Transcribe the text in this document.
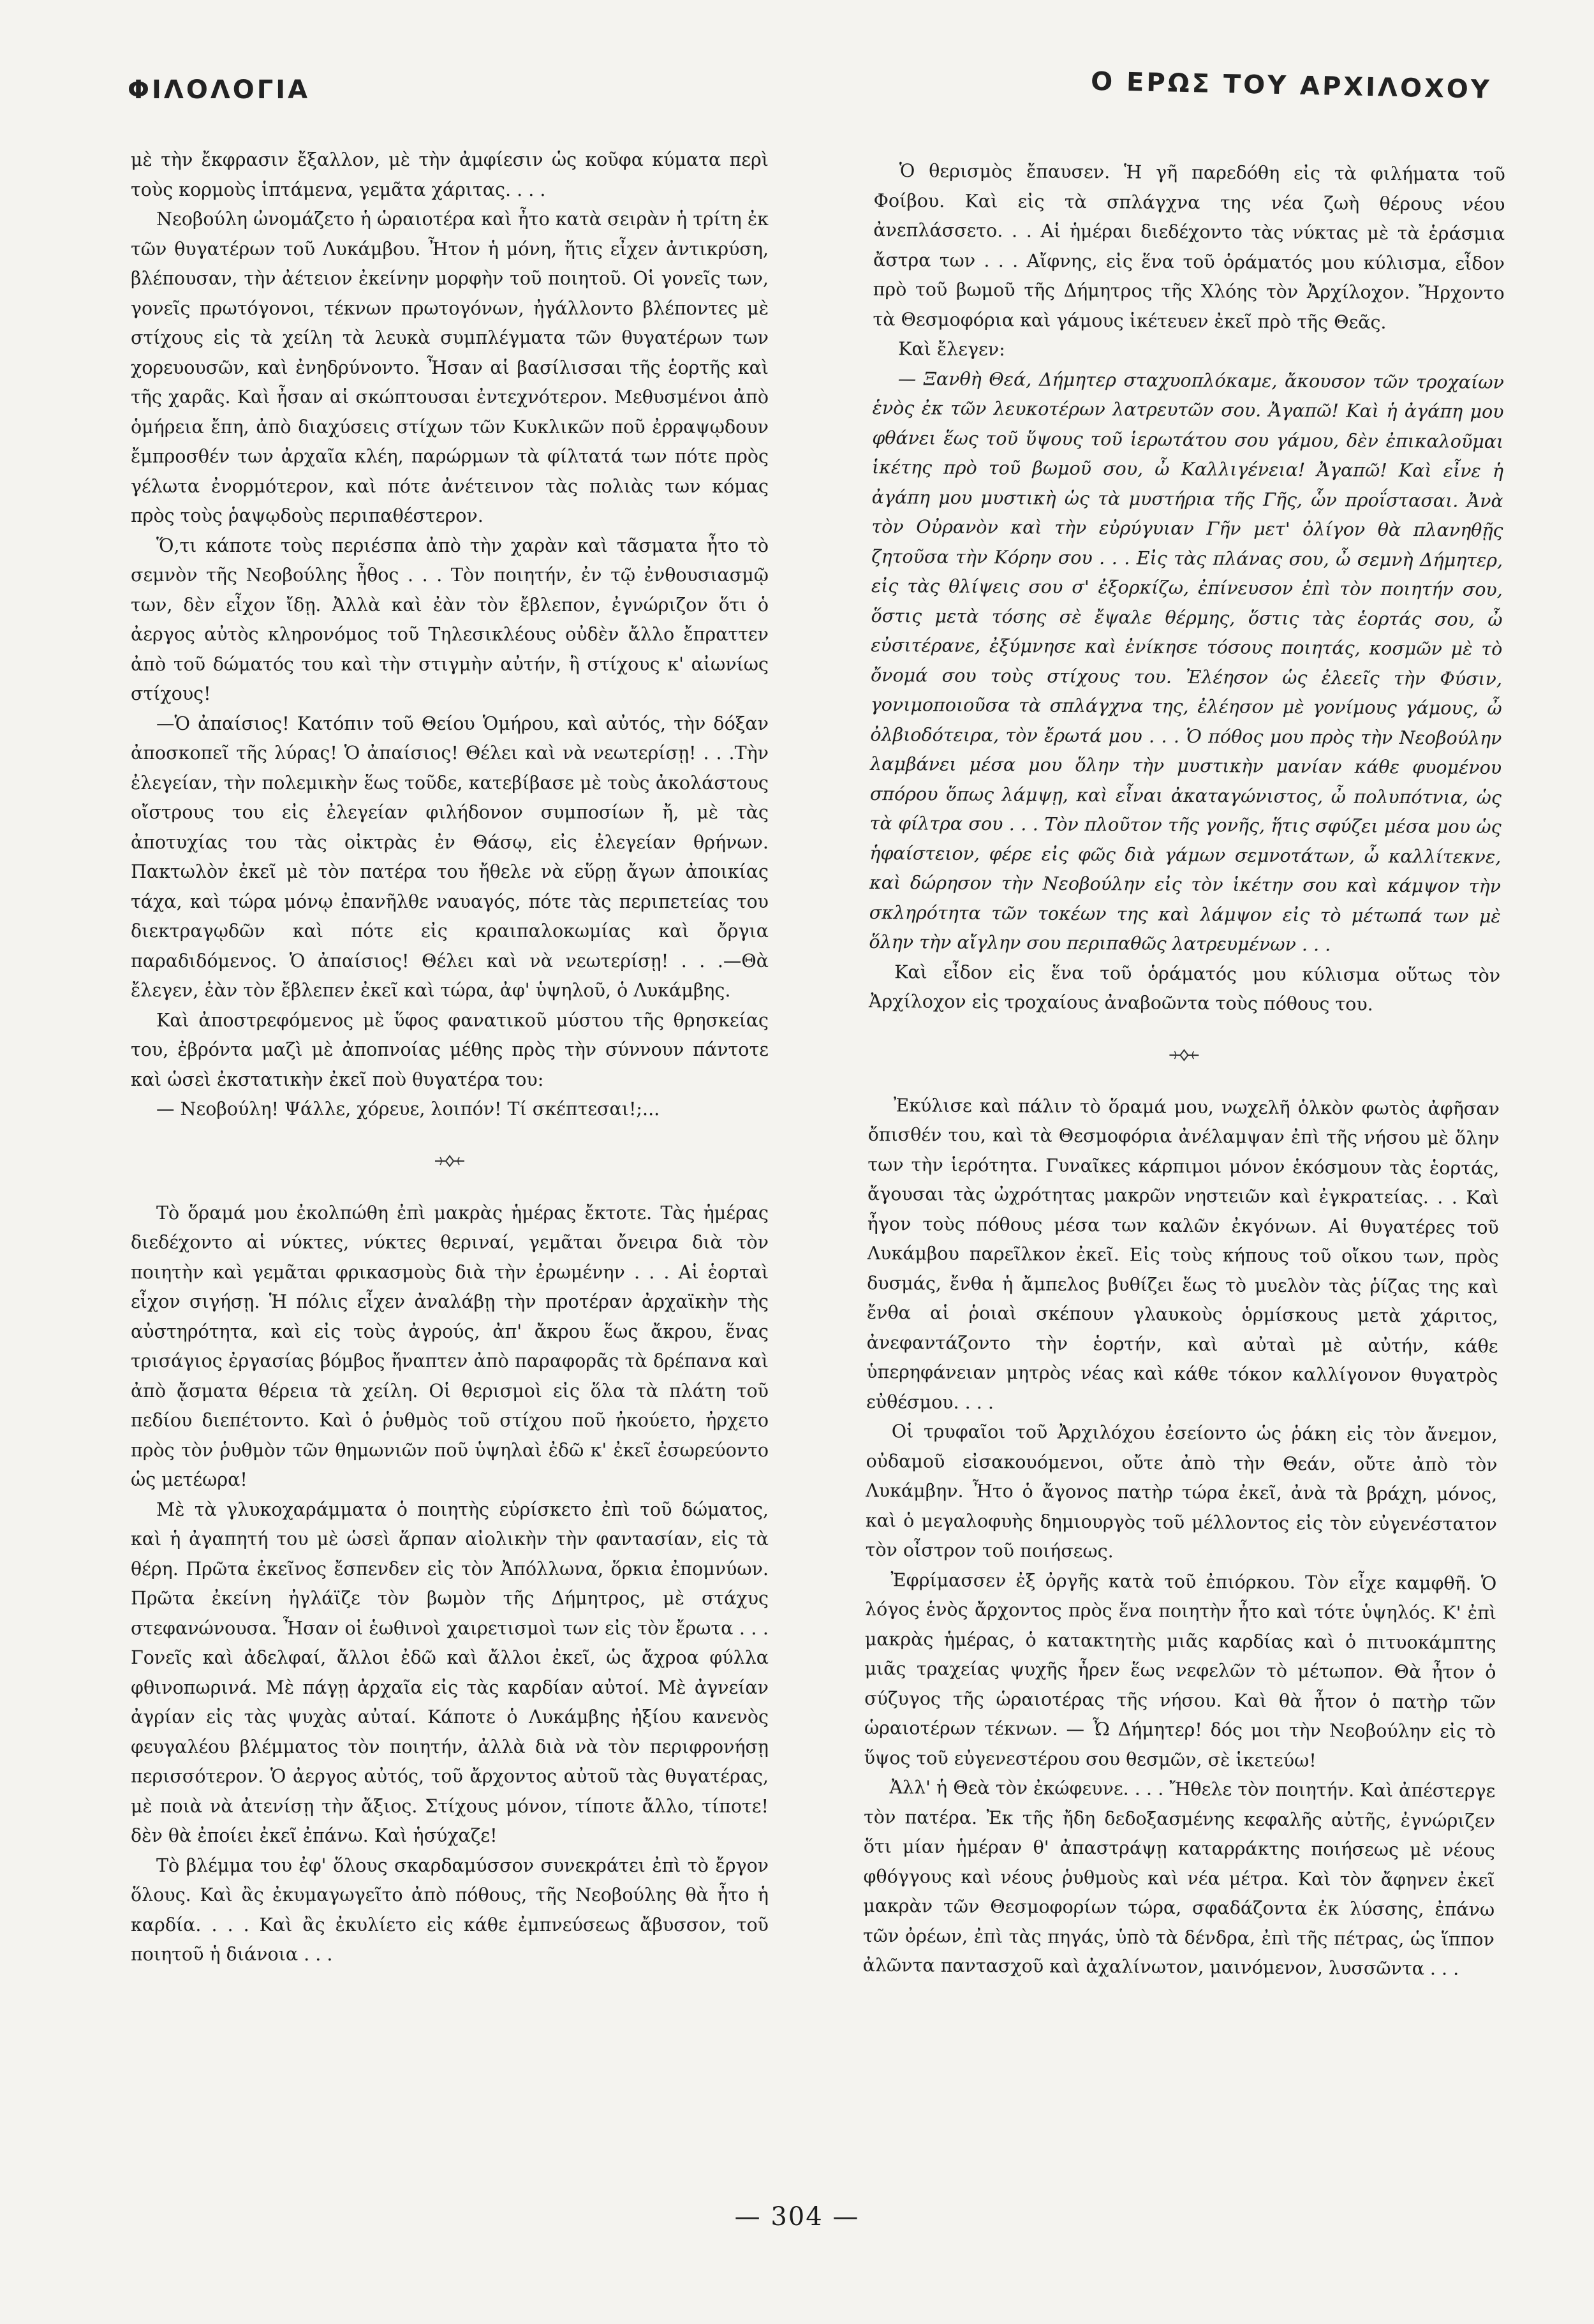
ΦΙΛΟΛΟΓΙΑ	Ο ΕΡΩΣ ΤΟΥ ΑΡΧΙΛΟΧΟΥ

μὲ τὴν ἔκφρασιν ἔξαλλον, μὲ τὴν ἀμφίεσιν ὡς κοῦφα κύματα περὶ τοὺς κορμοὺς ἱπτάμενα, γεμᾶτα χάριτας. . . .

Νεοβούλη ὠνομάζετο ἡ ὡραιοτέρα καὶ ἦτο κατὰ σειρὰν ἡ τρίτη ἐκ τῶν θυγατέρων τοῦ Λυκάμβου. Ἦτον ἡ μόνη, ἥτις εἶχεν ἀντικρύση, βλέπουσαν, τὴν ἀέτειον ἐκείνην μορφὴν τοῦ ποιητοῦ. Οἱ γονεῖς των, γονεῖς πρωτόγονοι, τέκνων πρωτογόνων, ἠγάλλοντο βλέποντες μὲ στίχους εἰς τὰ χείλη τὰ λευκὰ συμπλέγματα τῶν θυγατέρων των χορευουσῶν, καὶ ἐνηδρύνοντο. Ἦσαν αἱ βασίλισσαι τῆς ἑορτῆς καὶ τῆς χαρᾶς. Καὶ ἦσαν αἱ σκώπτουσαι ἐντεχνότερον. Μεθυσμένοι ἀπὸ ὁμήρεια ἔπη, ἀπὸ διαχύσεις στίχων τῶν Κυκλικῶν ποῦ ἐρραψῳδουν ἔμπροσθέν των ἀρχαῖα κλέη, παρώρμων τὰ φίλτατά των πότε πρὸς γέλωτα ἐνορμότερον, καὶ πότε ἀνέτεινον τὰς πολιὰς των κόμας πρὸς τοὺς ῥαψῳδοὺς περιπαθέστερον.

Ὅ,τι κάποτε τοὺς περιέσπα ἀπὸ τὴν χαρὰν καὶ τᾶσματα ἦτο τὸ σεμνὸν τῆς Νεοβούλης ἦθος . . . Τὸν ποιητήν, ἐν τῷ ἐνθουσιασμῷ των, δὲν εἶχον ἴδῃ. Ἀλλὰ καὶ ἐὰν τὸν ἔβλεπον, ἐγνώριζον ὅτι ὁ ἀεργος αὐτὸς κληρονόμος τοῦ Τηλεσικλέους οὐδὲν ἄλλο ἔπραττεν ἀπὸ τοῦ δώματός του καὶ τὴν στιγμὴν αὐτήν, ἢ στίχους κ' αἰωνίως στίχους!

—Ὁ ἀπαίσιος! Κατόπιν τοῦ Θείου Ὁμήρου, καὶ αὐτός, τὴν δόξαν ἀποσκοπεῖ τῆς λύρας! Ὁ ἀπαίσιος! Θέλει καὶ νὰ νεωτερίσῃ! . . .Τὴν ἐλεγείαν, τὴν πολεμικὴν ἕως τοῦδε, κατεβίβασε μὲ τοὺς ἀκολάστους οἴστρους του εἰς ἐλεγείαν φιλήδονον συμποσίων ἤ, μὲ τὰς ἀποτυχίας του τὰς οἰκτρὰς ἐν Θάσῳ, εἰς ἐλεγείαν θρήνων. Πακτωλὸν ἐκεῖ μὲ τὸν πατέρα του ἤθελε νὰ εὕρῃ ἄγων ἀποικίας τάχα, καὶ τώρα μόνῳ ἐπανῆλθε ναυαγός, πότε τὰς περιπετείας του διεκτραγῳδῶν καὶ πότε εἰς κραιπαλοκωμίας καὶ ὄργια παραδιδόμενος. Ὁ ἀπαίσιος! Θέλει καὶ νὰ νεωτερίσῃ! . . .—Θὰ ἔλεγεν, ἐὰν τὸν ἔβλεπεν ἐκεῖ καὶ τώρα, ἀφ' ὑψηλοῦ, ὁ Λυκάμβης.

Καὶ ἀποστρεφόμενος μὲ ὕφος φανατικοῦ μύστου τῆς θρησκείας του, ἐβρόντα μαζὶ μὲ ἀποπνοίας μέθης πρὸς τὴν σύννουν πάντοτε καὶ ὡσεὶ ἐκστατικὴν ἐκεῖ ποὺ θυγατέρα του:

— Νεοβούλη! Ψάλλε, χόρευε, λοιπόν! Τί σκέπτεσαι!;...

Τὸ ὅραμά μου ἐκολπώθη ἐπὶ μακρὰς ἡμέρας ἔκτοτε. Τὰς ἡμέρας διεδέχοντο αἱ νύκτες, νύκτες θεριναί, γεμᾶται ὄνειρα διὰ τὸν ποιητὴν καὶ γεμᾶται φρικασμοὺς διὰ τὴν ἐρωμένην . . . Αἱ ἑορταὶ εἶχον σιγήσῃ. Ἡ πόλις εἶχεν ἀναλάβῃ τὴν προτέραν ἀρχαϊκὴν τὴς αὐστηρότητα, καὶ εἰς τοὺς ἀγρούς, ἀπ' ἄκρου ἕως ἄκρου, ἕνας τρισάγιος ἐργασίας βόμβος ἤναπτεν ἀπὸ παραφορᾶς τὰ δρέπανα καὶ ἀπὸ ᾄσματα θέρεια τὰ χείλη. Οἱ θερισμοὶ εἰς ὅλα τὰ πλάτη τοῦ πεδίου διεπέτοντο. Καὶ ὁ ῥυθμὸς τοῦ στίχου ποῦ ἠκούετο, ἠρχετο πρὸς τὸν ῥυθμὸν τῶν θημωνιῶν ποῦ ὑψηλαὶ ἐδῶ κ' ἐκεῖ ἐσωρεύοντο ὡς μετέωρα!

Μὲ τὰ γλυκοχαράμματα ὁ ποιητὴς εὑρίσκετο ἐπὶ τοῦ δώματος, καὶ ἡ ἀγαπητή του μὲ ὡσεὶ ἅρπαν αἰολικὴν τὴν φαντασίαν, εἰς τὰ θέρη. Πρῶτα ἐκεῖνος ἔσπενδεν εἰς τὸν Ἀπόλλωνα, ὅρκια ἐπομνύων. Πρῶτα ἐκείνη ἠγλάϊζε τὸν βωμὸν τῆς Δήμητρος, μὲ στάχυς στεφανώνουσα. Ἦσαν οἱ ἑωθινοὶ χαιρετισμοὶ των εἰς τὸν ἔρωτα . . . Γονεῖς καὶ ἀδελφαί, ἄλλοι ἐδῶ καὶ ἄλλοι ἐκεῖ, ὡς ἄχροα φύλλα φθινοπωρινά. Μὲ πάγῃ ἀρχαῖα εἰς τὰς καρδίαν αὐτοί. Μὲ ἀγνείαν ἀγρίαν εἰς τὰς ψυχὰς αὐταί. Κάποτε ὁ Λυκάμβης ἠξίου κανενὸς φευγαλέου βλέμματος τὸν ποιητήν, ἀλλὰ διὰ νὰ τὸν περιφρονήσῃ περισσότερον. Ὁ ἀεργος αὐτός, τοῦ ἄρχοντος αὐτοῦ τὰς θυγατέρας, μὲ ποιὰ νὰ ἀτενίσῃ τὴν ἄξιος. Στίχους μόνον, τίποτε ἄλλο, τίποτε! δὲν θὰ ἐποίει ἐκεῖ ἐπάνω. Καὶ ἡσύχαζε!

Τὸ βλέμμα του ἐφ' ὅλους σκαρδαμύσσον συνεκράτει ἐπὶ τὸ ἔργον ὅλους. Καὶ ἂς ἐκυμαγωγεῖτο ἀπὸ πόθους, τῆς Νεοβούλης θὰ ἦτο ἡ καρδία. . . . Καὶ ἂς ἐκυλίετο εἰς κάθε ἐμπνεύσεως ἄβυσσον, τοῦ ποιητοῦ ἡ διάνοια . . .

Ὁ θερισμὸς ἔπαυσεν. Ἡ γῆ παρεδόθη εἰς τὰ φιλήματα τοῦ Φοίβου. Καὶ εἰς τὰ σπλάγχνα της νέα ζωὴ θέρους νέου ἀνεπλάσσετο. . . Αἱ ἡμέραι διεδέχοντο τὰς νύκτας μὲ τὰ ἑράσμια ἄστρα των . . . Αἴφνης, εἰς ἕνα τοῦ ὁράματός μου κύλισμα, εἶδον πρὸ τοῦ βωμοῦ τῆς Δήμητρος τῆς Χλόης τὸν Ἀρχίλοχον. Ἤρχοντο τὰ Θεσμοφόρια καὶ γάμους ἱκέτευεν ἐκεῖ πρὸ τῆς Θεᾶς.

Καὶ ἔλεγεν:

— Ξανθὴ Θεά, Δήμητερ σταχυοπλόκαμε, ἄκουσον τῶν τροχαίων ἑνὸς ἐκ τῶν λευκοτέρων λατρευτῶν σου. Ἀγαπῶ! Καὶ ἡ ἀγάπη μου φθάνει ἕως τοῦ ὕψους τοῦ ἱερωτάτου σου γάμου, δὲν ἐπικαλοῦμαι ἱκέτης πρὸ τοῦ βωμοῦ σου, ὦ Καλλιγένεια! Ἀγαπῶ! Καὶ εἶνε ἡ ἀγάπη μου μυστικὴ ὡς τὰ μυστήρια τῆς Γῆς, ὧν προΐστασαι. Ἀνὰ τὸν Οὐρανὸν καὶ τὴν εὐρύγυιαν Γῆν μετ' ὀλίγον θὰ πλανηθῇς ζητοῦσα τὴν Κόρην σου . . . Εἰς τὰς πλάνας σου, ὦ σεμνὴ Δήμητερ, εἰς τὰς θλίψεις σου σ' ἐξορκίζω, ἐπίνευσον ἐπὶ τὸν ποιητήν σου, ὅστις μετὰ τόσης σὲ ἔψαλε θέρμης, ὅστις τὰς ἑορτάς σου, ὦ εὐσιτέρανε, ἐξύμνησε καὶ ἐνίκησε τόσους ποιητάς, κοσμῶν μὲ τὸ ὄνομά σου τοὺς στίχους του. Ἐλέησον ὡς ἐλεεῖς τὴν Φύσιν, γονιμοποιοῦσα τὰ σπλάγχνα της, ἐλέησον μὲ γονίμους γάμους, ὦ ὀλβιοδότειρα, τὸν ἔρωτά μου . . . Ὁ πόθος μου πρὸς τὴν Νεοβούλην λαμβάνει μέσα μου ὅλην τὴν μυστικὴν μανίαν κάθε φυομένου σπόρου ὅπως λάμψῃ, καὶ εἶναι ἀκαταγώνιστος, ὦ πολυπότνια, ὡς τὰ φίλτρα σου . . . Τὸν πλοῦτον τῆς γονῆς, ἥτις σφύζει μέσα μου ὡς ἡφαίστειον, φέρε εἰς φῶς διὰ γάμων σεμνοτάτων, ὦ καλλίτεκνε, καὶ δώρησον τὴν Νεοβούλην εἰς τὸν ἱκέτην σου καὶ κάμψον τὴν σκληρότητα τῶν τοκέων της καὶ λάμψον εἰς τὸ μέτωπά των μὲ ὅλην τὴν αἴγλην σου περιπαθῶς λατρευμένων . . .

Καὶ εἶδον εἰς ἕνα τοῦ ὁράματός μου κύλισμα οὕτως τὸν Ἀρχίλοχον εἰς τροχαίους ἀναβοῶντα τοὺς πόθους του.

Ἐκύλισε καὶ πάλιν τὸ ὅραμά μου, νωχελῆ ὁλκὸν φωτὸς ἀφῆσαν ὄπισθέν του, καὶ τὰ Θεσμοφόρια ἀνέλαμψαν ἐπὶ τῆς νήσου μὲ ὅλην των τὴν ἱερότητα. Γυναῖκες κάρπιμοι μόνον ἑκόσμουν τὰς ἑορτάς, ἄγουσαι τὰς ὠχρότητας μακρῶν νηστειῶν καὶ ἐγκρατείας. . . Καὶ ἦγον τοὺς πόθους μέσα των καλῶν ἐκγόνων. Αἱ θυγατέρες τοῦ Λυκάμβου παρεῖλκον ἐκεῖ. Εἰς τοὺς κήπους τοῦ οἴκου των, πρὸς δυσμάς, ἔνθα ἡ ἄμπελος βυθίζει ἕως τὸ μυελὸν τὰς ῥίζας της καὶ ἔνθα αἱ ῥοιαὶ σκέπουν γλαυκοὺς ὁρμίσκους μετὰ χάριτος, ἀνεφαντάζοντο τὴν ἑορτήν, καὶ αὐταὶ μὲ αὐτήν, κάθε ὑπερηφάνειαν μητρὸς νέας καὶ κάθε τόκον καλλίγονον θυγατρὸς εὐθέσμου. . . .

Οἱ τρυφαῖοι τοῦ Ἀρχιλόχου ἐσείοντο ὡς ῥάκη εἰς τὸν ἄνεμον, οὐδαμοῦ εἰσακουόμενοι, οὔτε ἀπὸ τὴν Θεάν, οὔτε ἀπὸ τὸν Λυκάμβην. Ἦτο ὁ ἄγονος πατὴρ τώρα ἐκεῖ, ἀνὰ τὰ βράχη, μόνος, καὶ ὁ μεγαλοφυὴς δημιουργὸς τοῦ μέλλοντος εἰς τὸν εὐγενέστατον τὸν οἶστρον τοῦ ποιήσεως.

Ἐφρίμασσεν ἐξ ὀργῆς κατὰ τοῦ ἐπιόρκου. Τὸν εἶχε καμφθῆ. Ὁ λόγος ἑνὸς ἄρχοντος πρὸς ἕνα ποιητὴν ἦτο καὶ τότε ὑψηλός. Κ' ἐπὶ μακρὰς ἡμέρας, ὁ κατακτητὴς μιᾶς καρδίας καὶ ὁ πιτυοκάμπτης μιᾶς τραχείας ψυχῆς ἦρεν ἕως νεφελῶν τὸ μέτωπον. Θὰ ἦτον ὁ σύζυγος τῆς ὡραιοτέρας τῆς νήσου. Καὶ θὰ ἦτον ὁ πατὴρ τῶν ὡραιοτέρων τέκνων. — Ὦ Δήμητερ! δός μοι τὴν Νεοβούλην εἰς τὸ ὕψος τοῦ εὐγενεστέρου σου θεσμῶν, σὲ ἱκετεύω!

Ἀλλ' ἡ Θεὰ τὸν ἐκώφευνε. . . . Ἤθελε τὸν ποιητήν. Καὶ ἀπέστεργε τὸν πατέρα. Ἐκ τῆς ἤδη δεδοξασμένης κεφαλῆς αὐτῆς, ἐγνώριζεν ὅτι μίαν ἡμέραν θ' ἀπαστράψῃ καταρράκτης ποιήσεως μὲ νέους φθόγγους καὶ νέους ῥυθμοὺς καὶ νέα μέτρα. Καὶ τὸν ἄφηνεν ἐκεῖ μακρὰν τῶν Θεσμοφορίων τώρα, σφαδάζοντα ἐκ λύσσης, ἐπάνω τῶν ὀρέων, ἐπὶ τὰς πηγάς, ὑπὸ τὰ δένδρα, ἐπὶ τῆς πέτρας, ὡς ἵππον ἀλῶντα παντασχοῦ καὶ ἀχαλίνωτον, μαινόμενον, λυσσῶντα . . .

— 304 —
